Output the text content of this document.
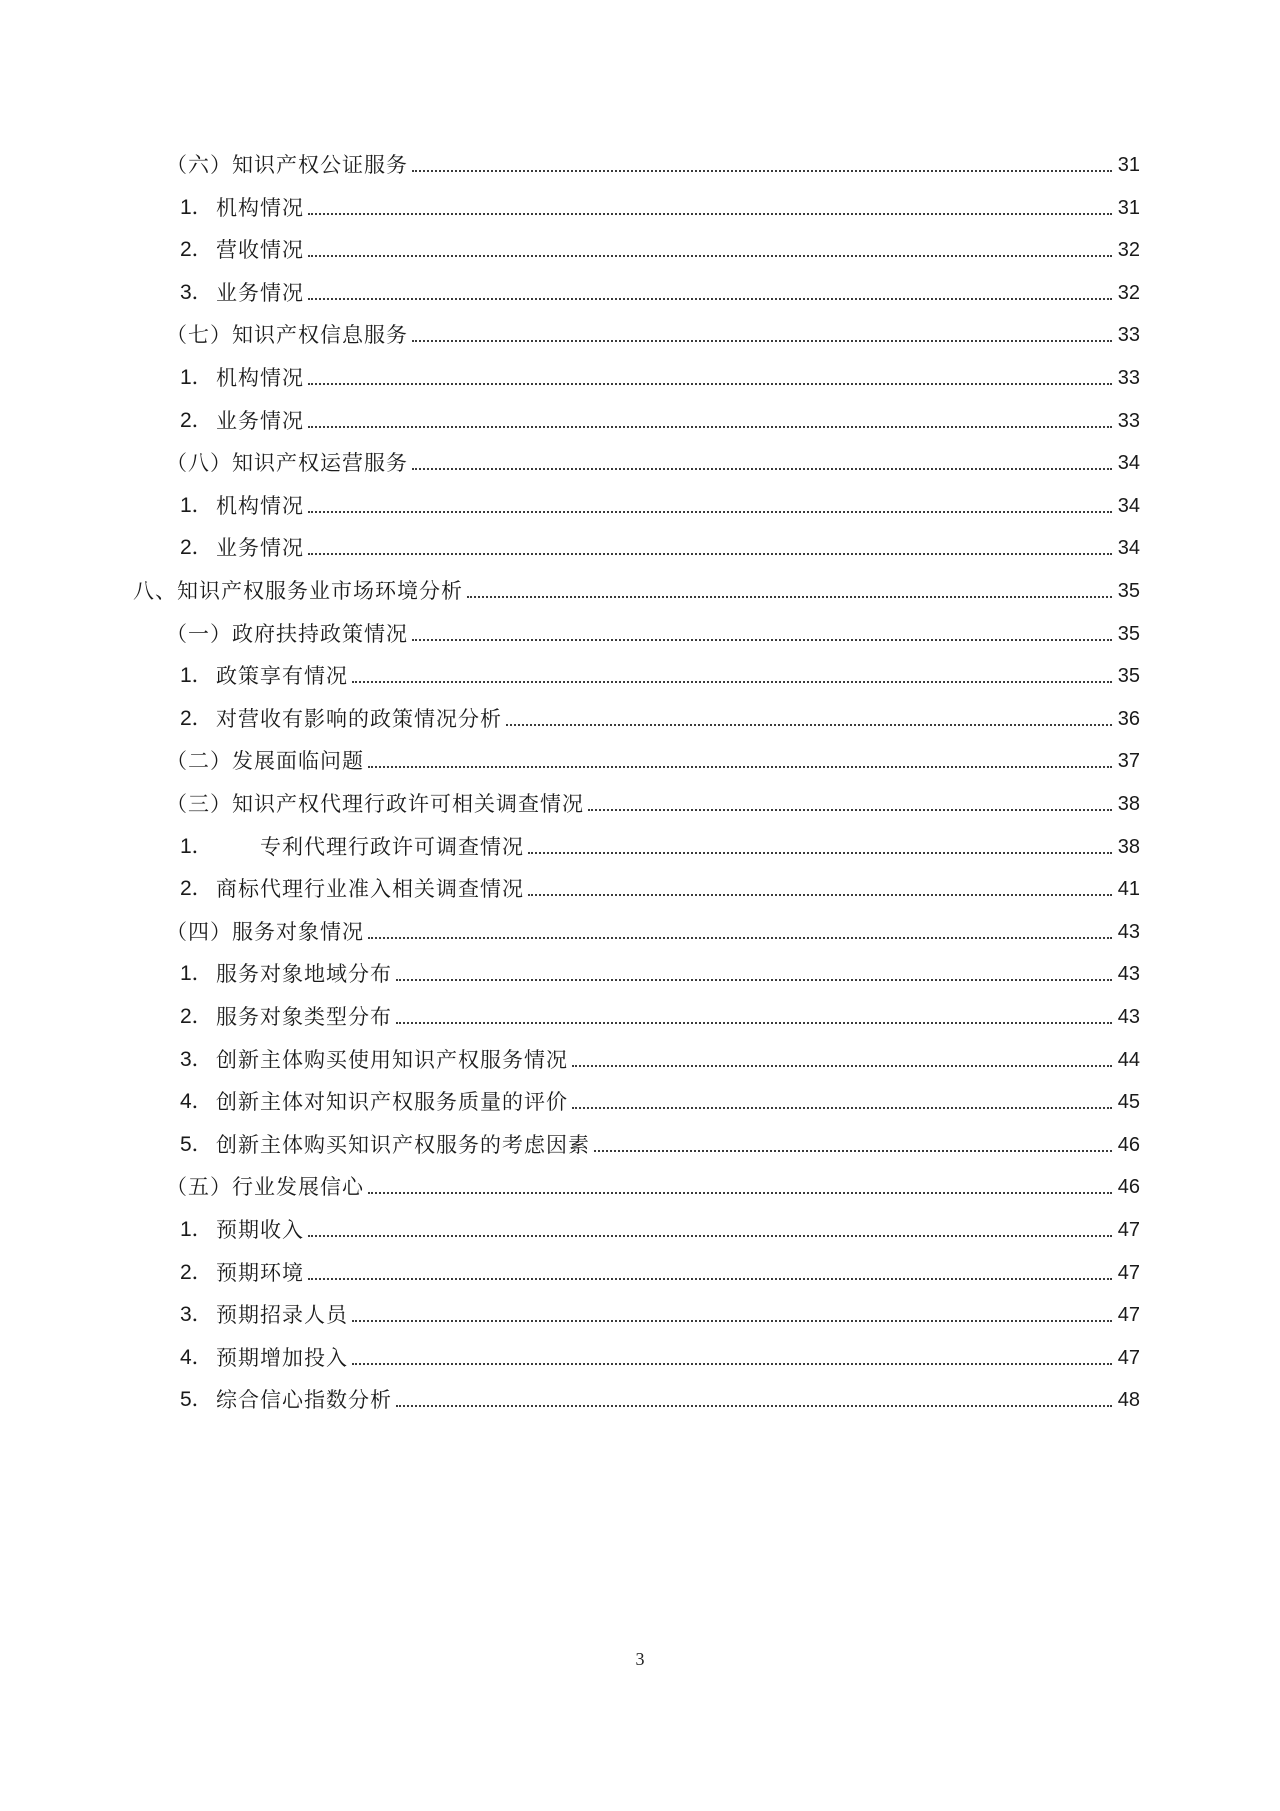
（六）知识产权公证服务	31
1． 机构情况	31
2． 营收情况	32
3． 业务情况	32
（七）知识产权信息服务	33
1． 机构情况	33
2． 业务情况	33
（八）知识产权运营服务	34
1． 机构情况	34
2． 业务情况	34
八、知识产权服务业市场环境分析	35
（一）政府扶持政策情况	35
1． 政策享有情况	35
2． 对营收有影响的政策情况分析	36
（二）发展面临问题	37
（三）知识产权代理行政许可相关调查情况	38
1．	专利代理行政许可调查情况	38
2． 商标代理行业准入相关调查情况	41
（四）服务对象情况	43
1． 服务对象地域分布	43
2． 服务对象类型分布	43
3． 创新主体购买使用知识产权服务情况	44
4． 创新主体对知识产权服务质量的评价	45
5． 创新主体购买知识产权服务的考虑因素	46
（五）行业发展信心	46
1． 预期收入	47
2． 预期环境	47
3． 预期招录人员	47
4． 预期增加投入	47
5． 综合信心指数分析	48
3
